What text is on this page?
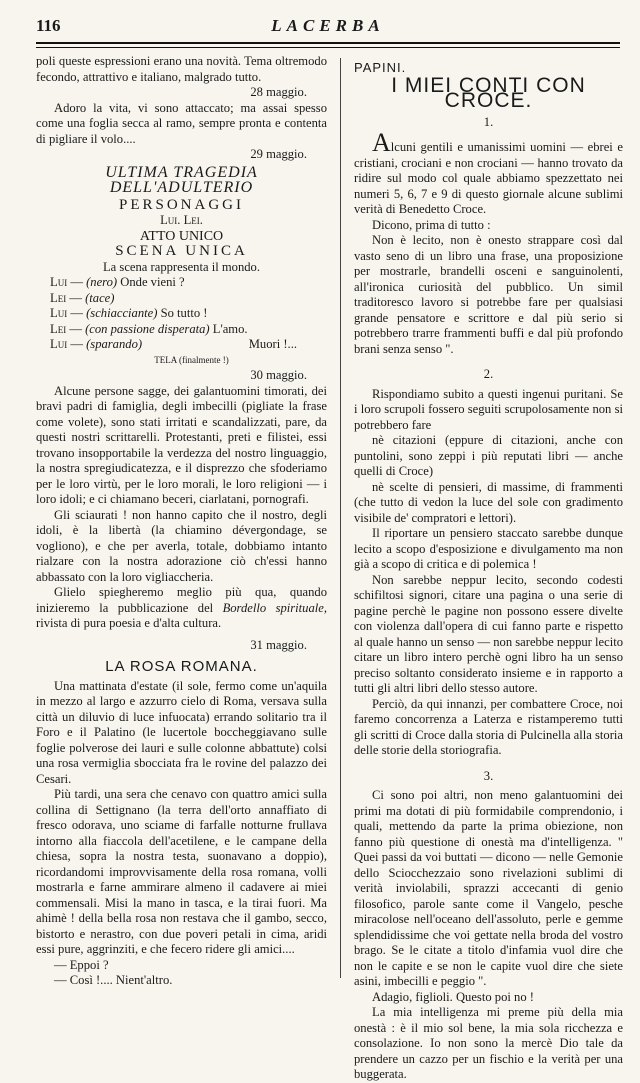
116	LACERBA

poli queste espressioni erano una novità. Tema oltremodo fecondo, attrattivo e italiano, malgrado tutto.

28 maggio.

Adoro la vita, vi sono attaccato; ma assai spesso come una foglia secca al ramo, sempre pronta e contenta di pigliare il volo....

29 maggio.

ULTIMA TRAGEDIA DELL'ADULTERIO
PERSONAGGI
Lui. Lei.
ATTO UNICO
SCENA UNICA
La scena rappresenta il mondo.
Lui — (nero) Onde vieni ?
Lei — (tace)
Lui — (schiacciante) So tutto !
Lei — (con passione disperata) L'amo.
Lui — (sparando)	Muori !...
TELA (finalmente !)

30 maggio.

Alcune persone sagge, dei galantuomini timorati, dei bravi padri di famiglia, degli imbecilli (pigliate la frase come volete), sono stati irritati e scandalizzati, pare, da questi nostri scrittarelli. Protestanti, preti e filistei, essi trovano insopportabile la verdezza del nostro linguaggio, la nostra spregiudicatezza, e il disprezzo che sfoderiamo per le loro virtù, per le loro morali, le loro religioni — i loro idoli; e ci chiamano beceri, ciarlatani, pornografi.

Gli sciaurati ! non hanno capito che il nostro, degli idoli, è la libertà (la chiamino dévergondage, se vogliono), e che per averla, totale, dobbiamo intanto rialzare con la nostra adorazione ciò ch'essi hanno abbassato con la loro vigliaccheria.

Glielo spiegheremo meglio più qua, quando inizieremo la pubblicazione del Bordello spirituale, rivista di pura poesia e d'alta cultura.

31 maggio.

LA ROSA ROMANA.

Una mattinata d'estate (il sole, fermo come un'aquila in mezzo al largo e azzurro cielo di Roma, versava sulla città un diluvio di luce infuocata) errando solitario tra il Foro e il Palatino (le lucertole boccheggiavano sulle foglie polverose dei lauri e sulle colonne abbattute) colsi una rosa vermiglia sbocciata fra le rovine del palazzo dei Cesari.

Più tardi, una sera che cenavo con quattro amici sulla collina di Settignano (la terra dell'orto annaffiato di fresco odorava, uno sciame di farfalle notturne frullava intorno alla fiaccola dell'acetilene, e le campane della chiesa, sopra la nostra testa, suonavano a doppio), ricordandomi improvvisamente della rosa romana, volli mostrarla e farne ammirare almeno il cadavere ai miei commensali. Misi la mano in tasca, e la tirai fuori. Ma ahimè ! della bella rosa non restava che il gambo, secco, bistorto e nerastro, con due poveri petali in cima, aridi essi pure, aggrinziti, e che fecero ridere gli amici....

— Eppoi ?

— Così !.... Nient'altro.

PAPINI.
I MIEI CONTI CON CROCE.
1.

Alcuni gentili e umanissimi uomini — ebrei e cristiani, crociani e non crociani — hanno trovato da ridire sul modo col quale abbiamo spezzettato nei numeri 5, 6, 7 e 9 di questo giornale alcune sublimi verità di Benedetto Croce.

Dicono, prima di tutto :

Non è lecito, non è onesto strappare così dal vasto seno di un libro una frase, una proposizione per mostrarle, brandelli osceni e sanguinolenti, all'ironica curiosità del pubblico. Un simil traditoresco lavoro si potrebbe fare per qualsiasi grande pensatore e scrittore e dal più serio si potrebbero trarre frammenti buffi e dal più profondo brani senza senso ".

2.

Rispondiamo subito a questi ingenui puritani. Se i loro scrupoli fossero seguiti scrupolosamente non si potrebbero fare

nè citazioni (eppure di citazioni, anche con puntolini, sono zeppi i più reputati libri — anche quelli di Croce)

nè scelte di pensieri, di massime, di frammenti (che tutto di vedon la luce del sole con gradimento visibile de' compratori e lettori).

Il riportare un pensiero staccato sarebbe dunque lecito a scopo d'esposizione e divulgamento ma non già a scopo di critica e di polemica !

Non sarebbe neppur lecito, secondo codesti schifiltosi signori, citare una pagina o una serie di pagine perchè le pagine non possono essere divelte con violenza dall'opera di cui fanno parte e rispetto al quale hanno un senso — non sarebbe neppur lecito citare un libro intero perchè ogni libro ha un senso preciso soltanto considerato insieme e in rapporto a tutti gli altri libri dello stesso autore.

Perciò, da qui innanzi, per combattere Croce, noi faremo concorrenza a Laterza e ristamperemo tutti gli scritti di Croce dalla storia di Pulcinella alla storia delle storie della storiografia.

3.

Ci sono poi altri, non meno galantuomini dei primi ma dotati di più formidabile comprendonio, i quali, mettendo da parte la prima obiezione, non fanno più questione di onestà ma d'intelligenza. " Quei passi da voi buttati — dicono — nelle Gemonie dello Sciocchezzaio sono rivelazioni sublimi di verità inviolabili, sprazzi accecanti di genio filosofico, parole sante come il Vangelo, pesche miracolose nell'oceano dell'assoluto, perle e gemme splendidissime che voi gettate nella broda del vostro brago. Se le citate a titolo d'infamia vuol dire che non le capite e se non le capite vuol dire che siete asini, imbecilli e peggio ".

Adagio, figlioli. Questo poi no !

La mia intelligenza mi preme più della mia onestà : è il mio sol bene, la mia sola ricchezza e consolazione. Io non sono la mercè Dio tale da prendere un cazzo per un fischio e la verità per una buggerata.
